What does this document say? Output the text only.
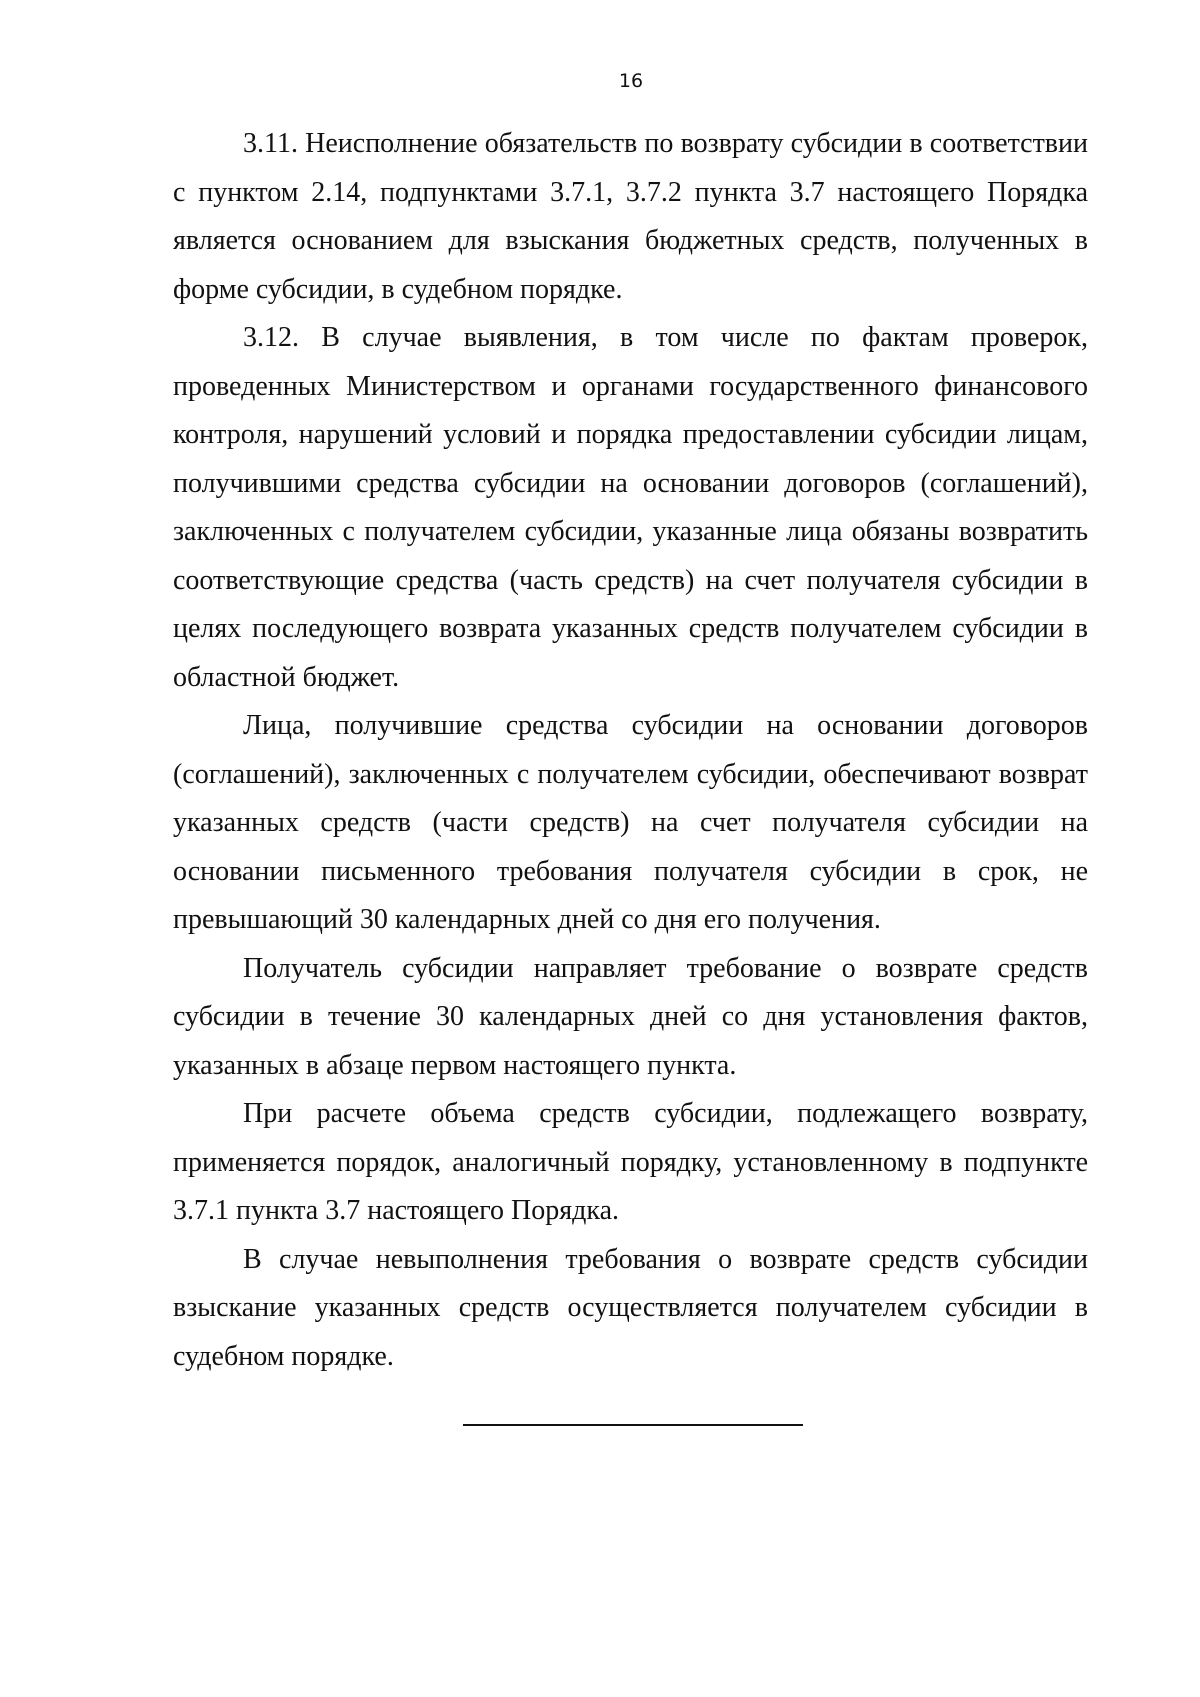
16

3.11. Неисполнение обязательств по возврату субсидии в соответствии с пунктом 2.14, подпунктами 3.7.1, 3.7.2 пункта 3.7 настоящего Порядка является основанием для взыскания бюджетных средств, полученных в форме субсидии, в судебном порядке.

3.12. В случае выявления, в том числе по фактам проверок, проведенных Министерством и органами государственного финансового контроля, нарушений условий и порядка предоставлении субсидии лицам, получившими средства субсидии на основании договоров (соглашений), заключенных с получателем субсидии, указанные лица обязаны возвратить соответствующие средства (часть средств) на счет получателя субсидии в целях последующего возврата указанных средств получателем субсидии в областной бюджет.

Лица, получившие средства субсидии на основании договоров (соглашений), заключенных с получателем субсидии, обеспечивают возврат указанных средств (части средств) на счет получателя субсидии на основании письменного требования получателя субсидии в срок, не превышающий 30 календарных дней со дня его получения.

Получатель субсидии направляет требование о возврате средств субсидии в течение 30 календарных дней со дня установления фактов, указанных в абзаце первом настоящего пункта.

При расчете объема средств субсидии, подлежащего возврату, применяется порядок, аналогичный порядку, установленному в подпункте 3.7.1 пункта 3.7 настоящего Порядка.

В случае невыполнения требования о возврате средств субсидии взыскание указанных средств осуществляется получателем субсидии в судебном порядке.
